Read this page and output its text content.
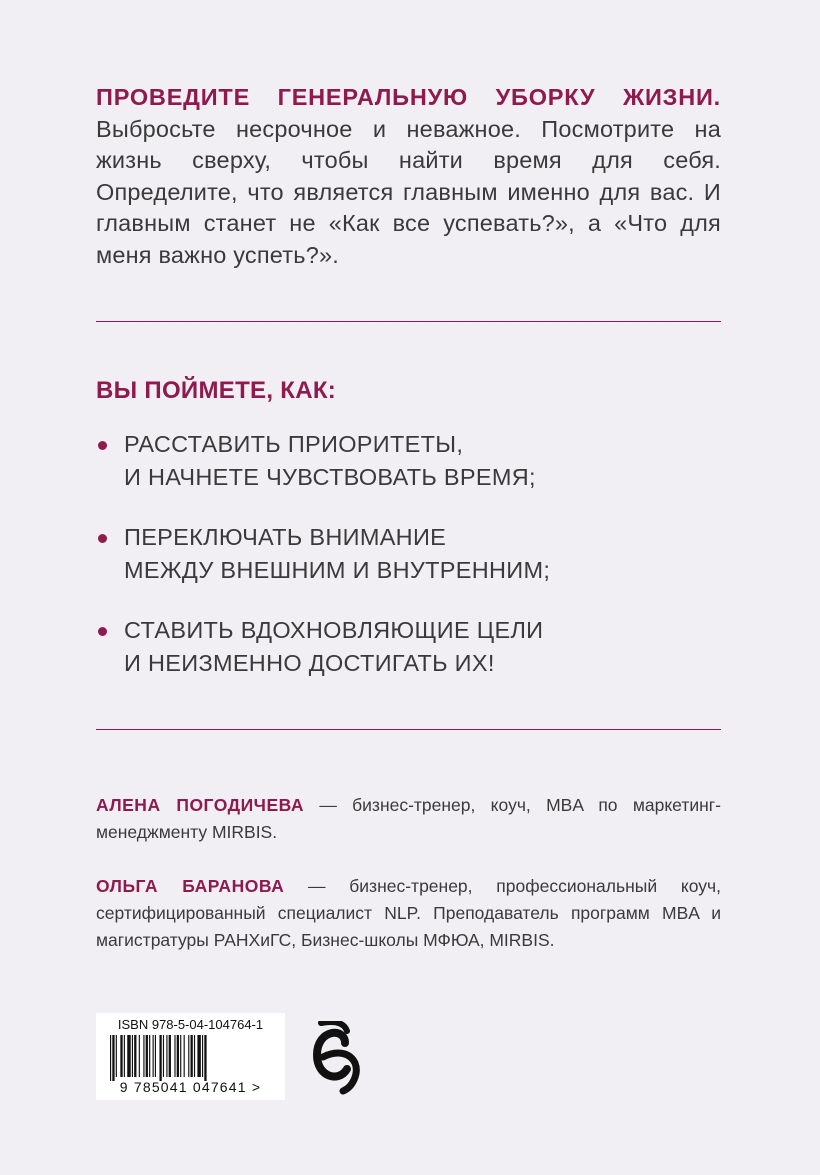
ПРОВЕДИТЕ ГЕНЕРАЛЬНУЮ УБОРКУ ЖИЗНИ. Выбросьте несрочное и неважное. Посмотрите на жизнь сверху, чтобы найти время для себя. Определите, что является главным именно для вас. И главным станет не «Как все успевать?», а «Что для меня важно успеть?».
ВЫ ПОЙМЕТЕ, КАК:
РАССТАВИТЬ ПРИОРИТЕТЫ,
И НАЧНЕТЕ ЧУВСТВОВАТЬ ВРЕМЯ;
ПЕРЕКЛЮЧАТЬ ВНИМАНИЕ
МЕЖДУ ВНЕШНИМ И ВНУТРЕННИМ;
СТАВИТЬ ВДОХНОВЛЯЮЩИЕ ЦЕЛИ
И НЕИЗМЕННО ДОСТИГАТЬ ИХ!
АЛЕНА ПОГОДИЧЕВА — бизнес-тренер, коуч, MBA по маркетинг-менеджменту MIRBIS.
ОЛЬГА БАРАНОВА — бизнес-тренер, профессиональный коуч, сертифицированный специалист NLP. Преподаватель программ MBA и магистратуры РАНХиГС, Бизнес-школы МФЮА, MIRBIS.
ISBN 978-5-04-104764-1
9 785041 047641 >
